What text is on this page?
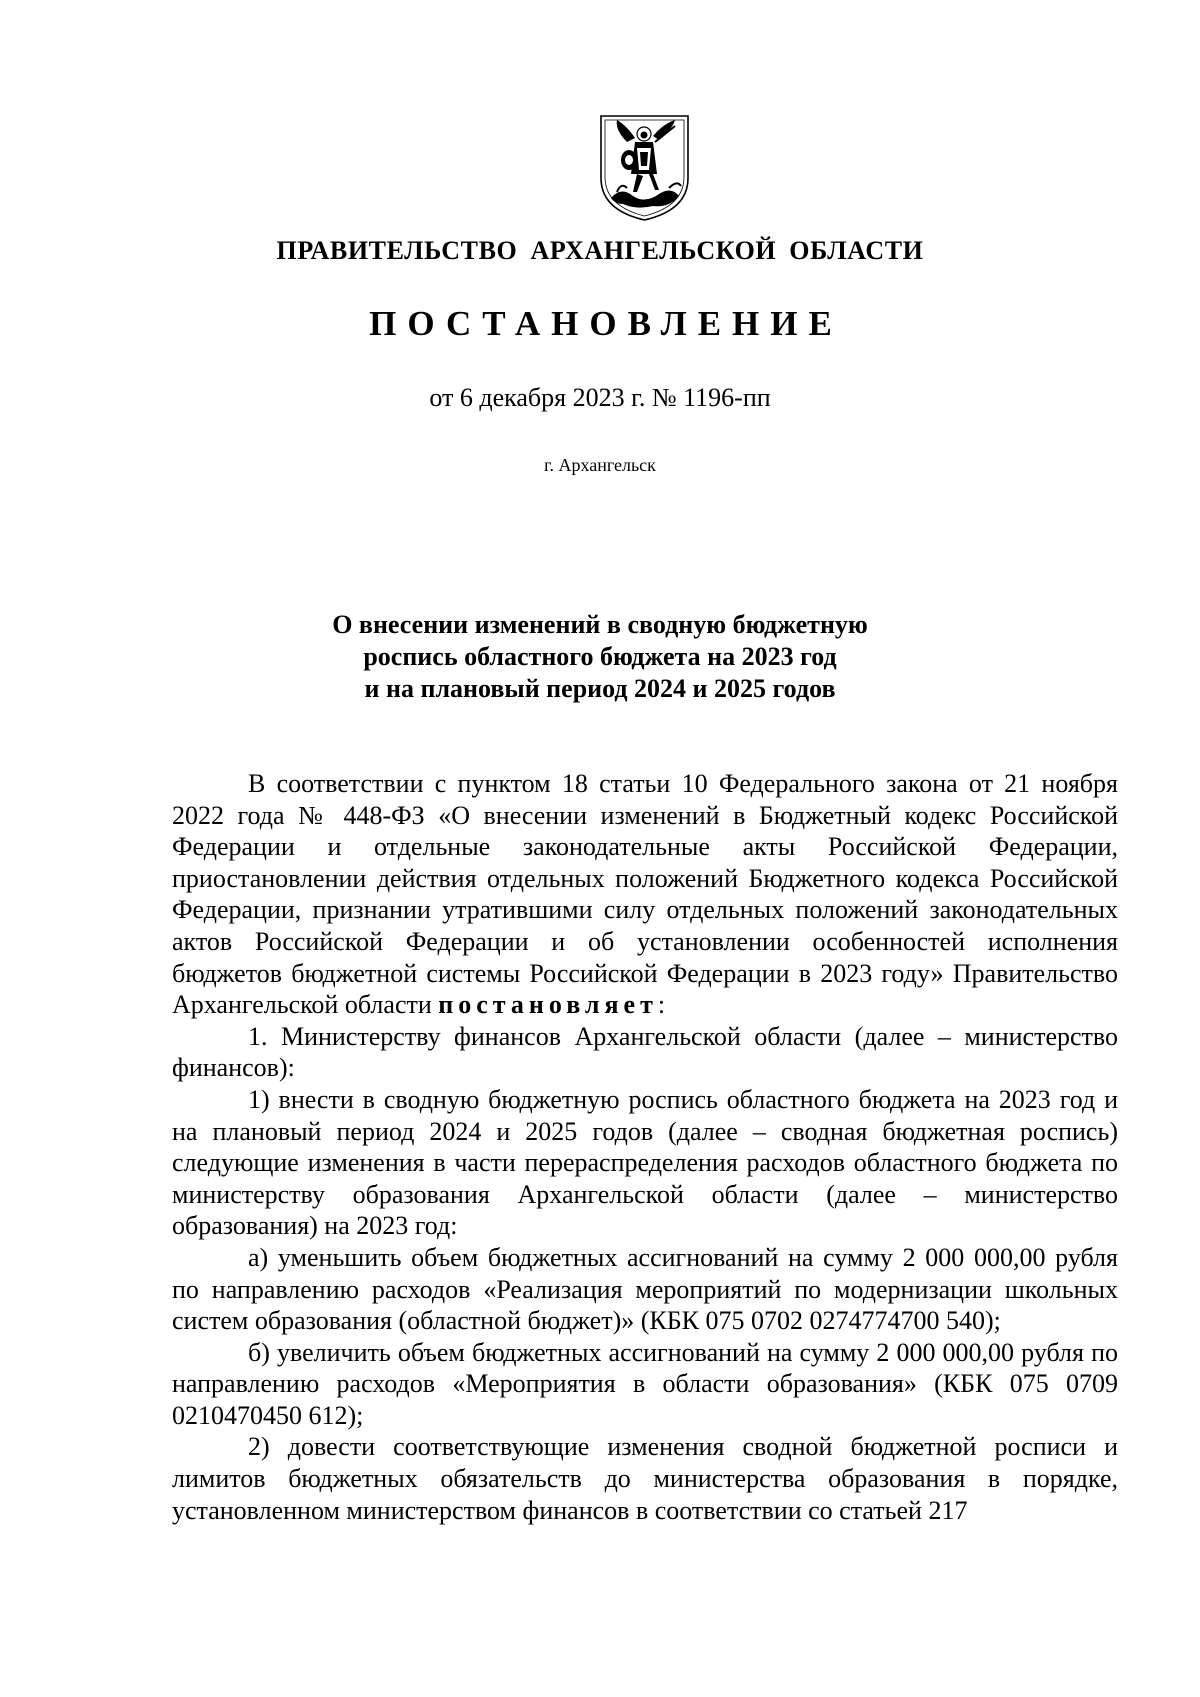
ПРАВИТЕЛЬСТВО АРХАНГЕЛЬСКОЙ ОБЛАСТИ
ПОСТАНОВЛЕНИЕ
от 6 декабря 2023 г. № 1196-пп
г. Архангельск
О внесении изменений в сводную бюджетную
роспись областного бюджета на 2023 год
и на плановый период 2024 и 2025 годов

В соответствии с пунктом 18 статьи 10 Федерального закона от 21 ноября 2022 года № 448-ФЗ «О внесении изменений в Бюджетный кодекс Российской Федерации и отдельные законодательные акты Российской Федерации, приостановлении действия отдельных положений Бюджетного кодекса Российской Федерации, признании утратившими силу отдельных положений законодательных актов Российской Федерации и об установлении особенностей исполнения бюджетов бюджетной системы Российской Федерации в 2023 году» Правительство Архангельской области постановляет:

1. Министерству финансов Архангельской области (далее – министерство финансов):

1) внести в сводную бюджетную роспись областного бюджета на 2023 год и на плановый период 2024 и 2025 годов (далее – сводная бюджетная роспись) следующие изменения в части перераспределения расходов областного бюджета по министерству образования Архангельской области (далее – министерство образования) на 2023 год:

а) уменьшить объем бюджетных ассигнований на сумму 2 000 000,00 рубля по направлению расходов «Реализация мероприятий по модернизации школьных систем образования (областной бюджет)» (КБК 075 0702 0274774700 540);

б) увеличить объем бюджетных ассигнований на сумму 2 000 000,00 рубля по направлению расходов «Мероприятия в области образования» (КБК 075 0709 0210470450 612);

2) довести соответствующие изменения сводной бюджетной росписи и лимитов бюджетных обязательств до министерства образования в порядке, установленном министерством финансов в соответствии со статьей 217
